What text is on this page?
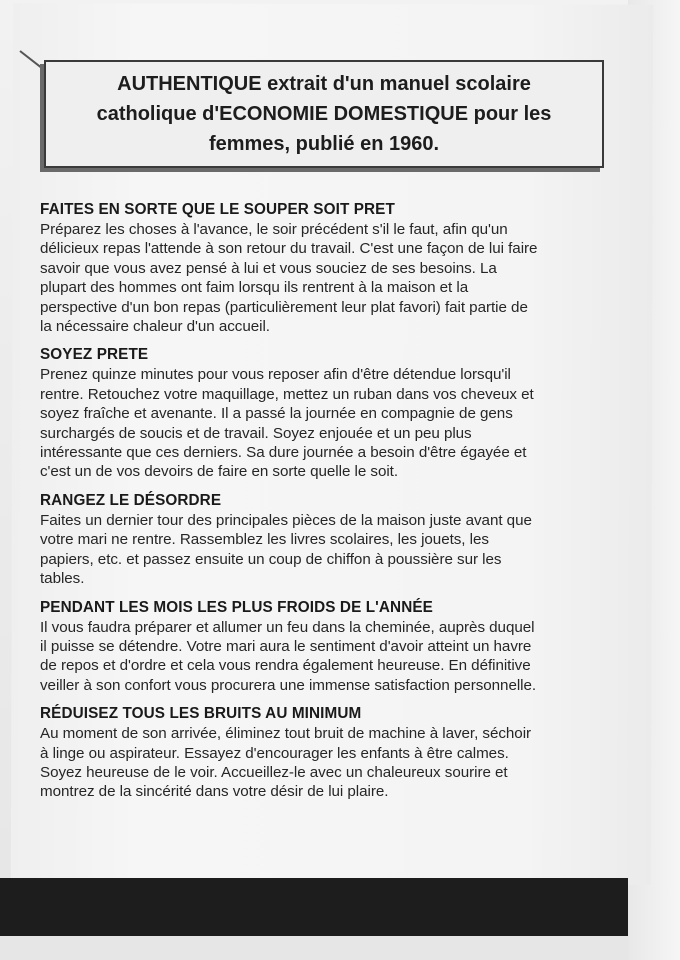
AUTHENTIQUE extrait d'un manuel scolaire
catholique d'ECONOMIE DOMESTIQUE pour les
femmes, publié en 1960.
FAITES EN SORTE QUE LE SOUPER SOIT PRET
Préparez les choses à l'avance, le soir précédent s'il le faut, afin qu'un
délicieux repas l'attende à son retour du travail. C'est une façon de lui faire
savoir que vous avez pensé à lui et vous souciez de ses besoins. La
plupart des hommes ont faim lorsqu ils rentrent à la maison et la
perspective d'un bon repas (particulièrement leur plat favori) fait partie de
la nécessaire chaleur d'un accueil.
SOYEZ PRETE
Prenez quinze minutes pour vous reposer afin d'être détendue lorsqu'il
rentre. Retouchez votre maquillage, mettez un ruban dans vos cheveux et
soyez fraîche et avenante. Il a passé la journée en compagnie de gens
surchargés de soucis et de travail. Soyez enjouée et un peu plus
intéressante que ces derniers. Sa dure journée a besoin d'être égayée et
c'est un de vos devoirs de faire en sorte quelle le soit.
RANGEZ LE DÉSORDRE
Faites un dernier tour des principales pièces de la maison juste avant que
votre mari ne rentre. Rassemblez les livres scolaires, les jouets, les
papiers, etc. et passez ensuite un coup de chiffon à poussière sur les
tables.
PENDANT LES MOIS LES PLUS FROIDS DE L'ANNÉE
Il vous faudra préparer et allumer un feu dans la cheminée, auprès duquel
il puisse se détendre. Votre mari aura le sentiment d'avoir atteint un havre
de repos et d'ordre et cela vous rendra également heureuse. En définitive
veiller à son confort vous procurera une immense satisfaction personnelle.
RÉDUISEZ TOUS LES BRUITS AU MINIMUM
Au moment de son arrivée, éliminez tout bruit de machine à laver, séchoir
à linge ou aspirateur. Essayez d'encourager les enfants à être calmes.
Soyez heureuse de le voir. Accueillez-le avec un chaleureux sourire et
montrez de la sincérité dans votre désir de lui plaire.
